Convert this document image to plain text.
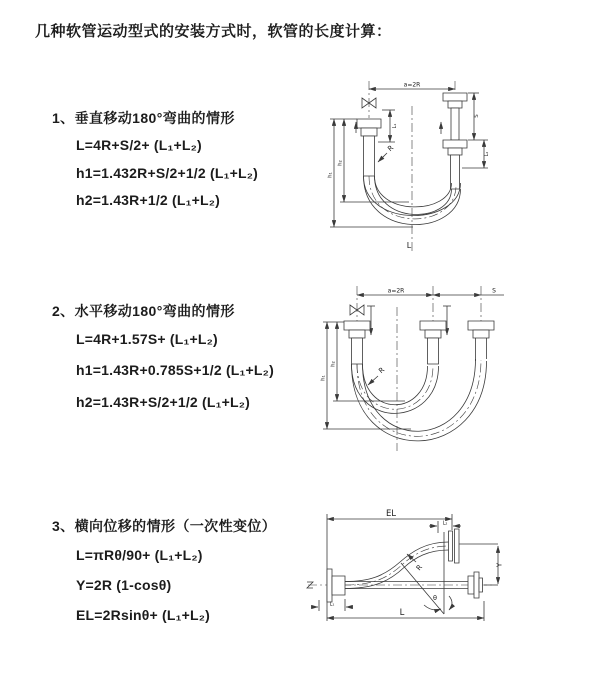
几种软管运动型式的安装方式时，软管的长度计算：
1、垂直移动180°弯曲的情形
L=4R+S/2+ (L₁+L₂)
h1=1.432R+S/2+1/2 (L₁+L₂)
h2=1.43R+1/2 (L₁+L₂)
2、水平移动180°弯曲的情形
L=4R+1.57S+ (L₁+L₂)
h1=1.43R+0.785S+1/2 (L₁+L₂)
h2=1.43R+S/2+1/2 (L₁+L₂)
3、横向位移的情形（一次性变位）
L=πRθ/90+ (L₁+L₂)
Y=2R (1-cosθ)
EL=2Rsinθ+ (L₁+L₂)
a=2R
L₁
S
L₂
h₁
h₂
R
L
a=2R	S
h₁
h₂
R
EL
L₂
Y
θ
R
L₁
L
